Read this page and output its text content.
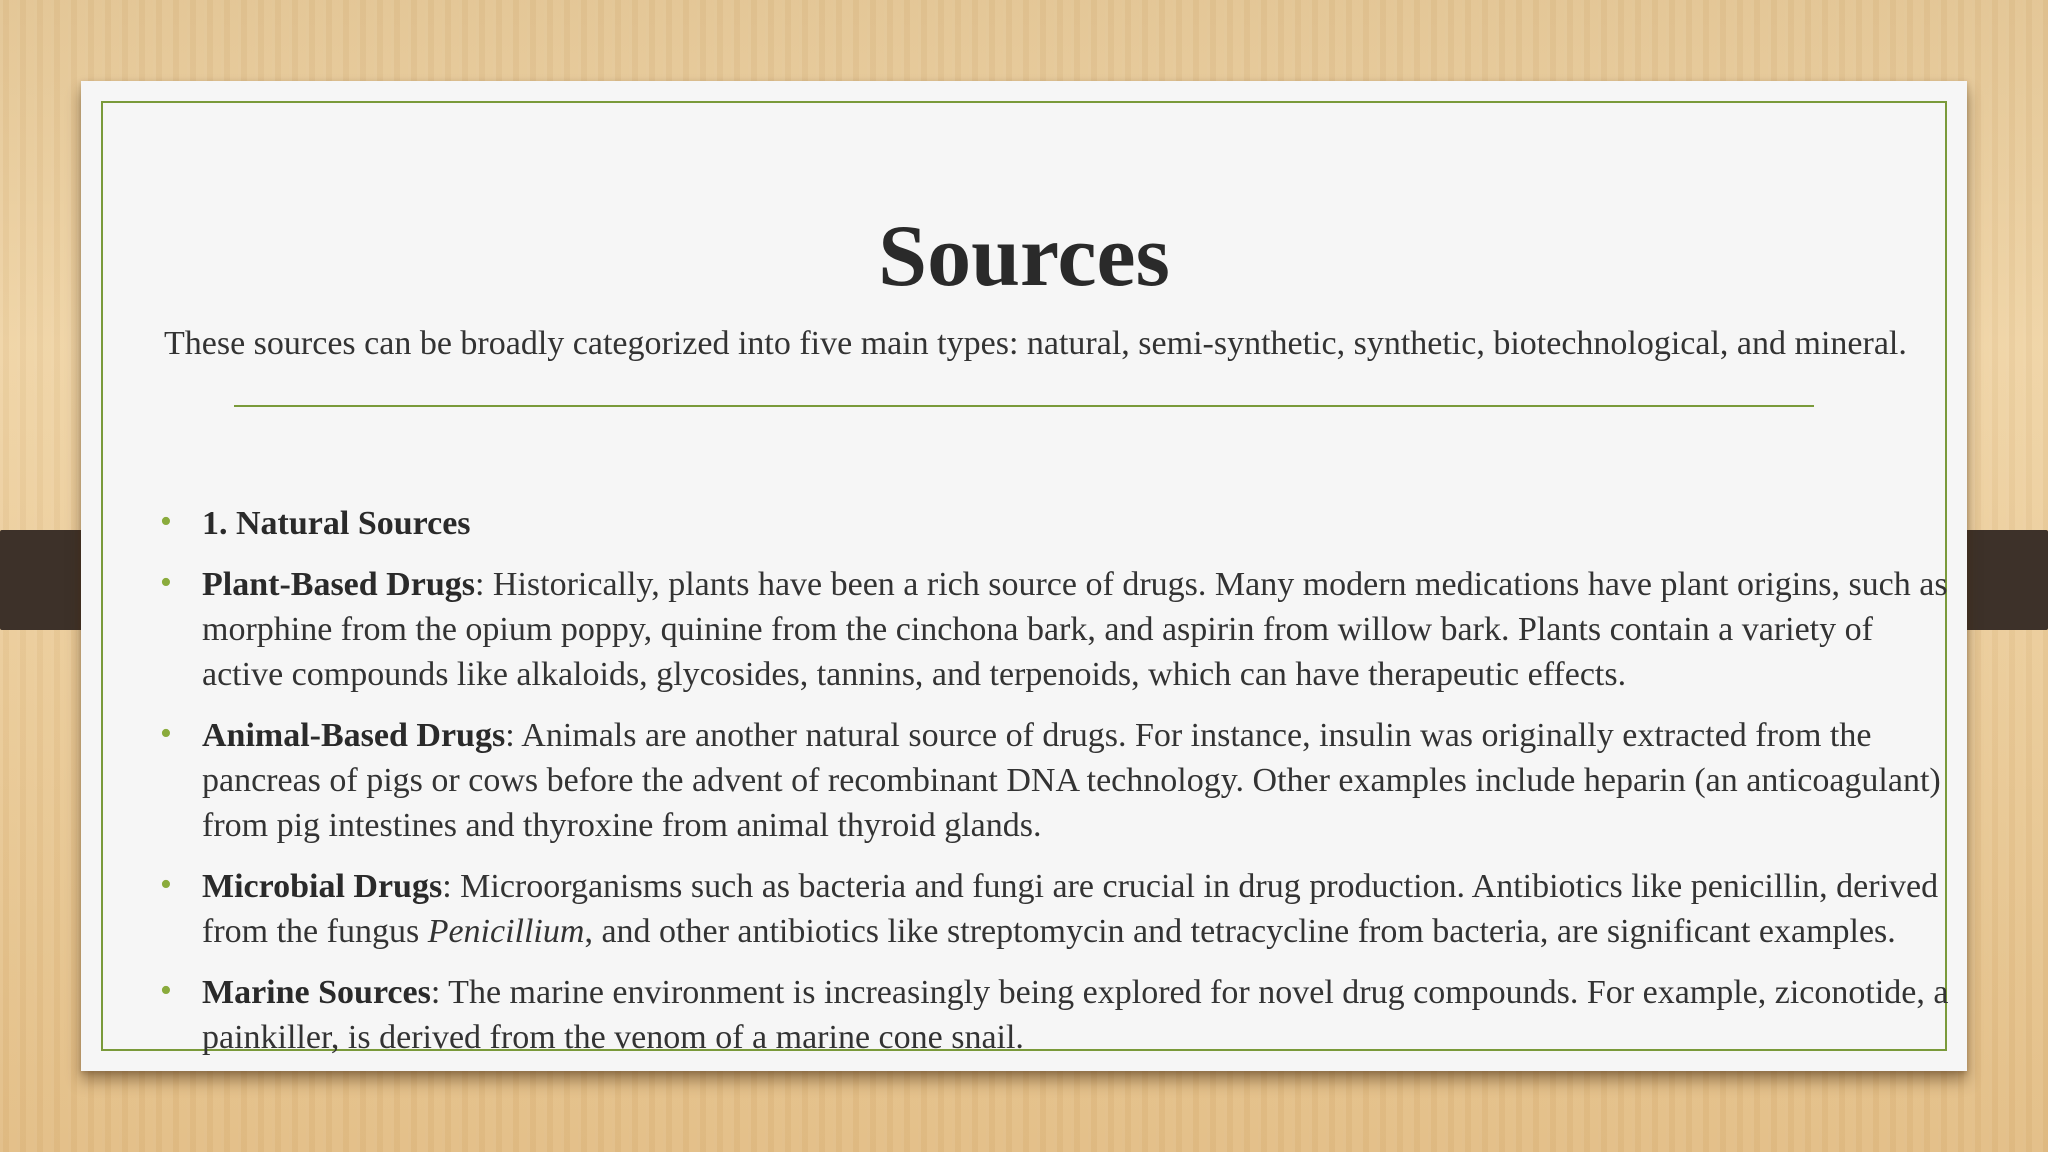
Sources

These sources can be broadly categorized into five main types: natural, semi-synthetic, synthetic, biotechnological, and mineral.

• 1. Natural Sources
• Plant-Based Drugs: Historically, plants have been a rich source of drugs. Many modern medications have plant origins, such as morphine from the opium poppy, quinine from the cinchona bark, and aspirin from willow bark. Plants contain a variety of active compounds like alkaloids, glycosides, tannins, and terpenoids, which can have therapeutic effects.
• Animal-Based Drugs: Animals are another natural source of drugs. For instance, insulin was originally extracted from the pancreas of pigs or cows before the advent of recombinant DNA technology. Other examples include heparin (an anticoagulant) from pig intestines and thyroxine from animal thyroid glands.
• Microbial Drugs: Microorganisms such as bacteria and fungi are crucial in drug production. Antibiotics like penicillin, derived from the fungus Penicillium, and other antibiotics like streptomycin and tetracycline from bacteria, are significant examples.
• Marine Sources: The marine environment is increasingly being explored for novel drug compounds. For example, ziconotide, a painkiller, is derived from the venom of a marine cone snail.
